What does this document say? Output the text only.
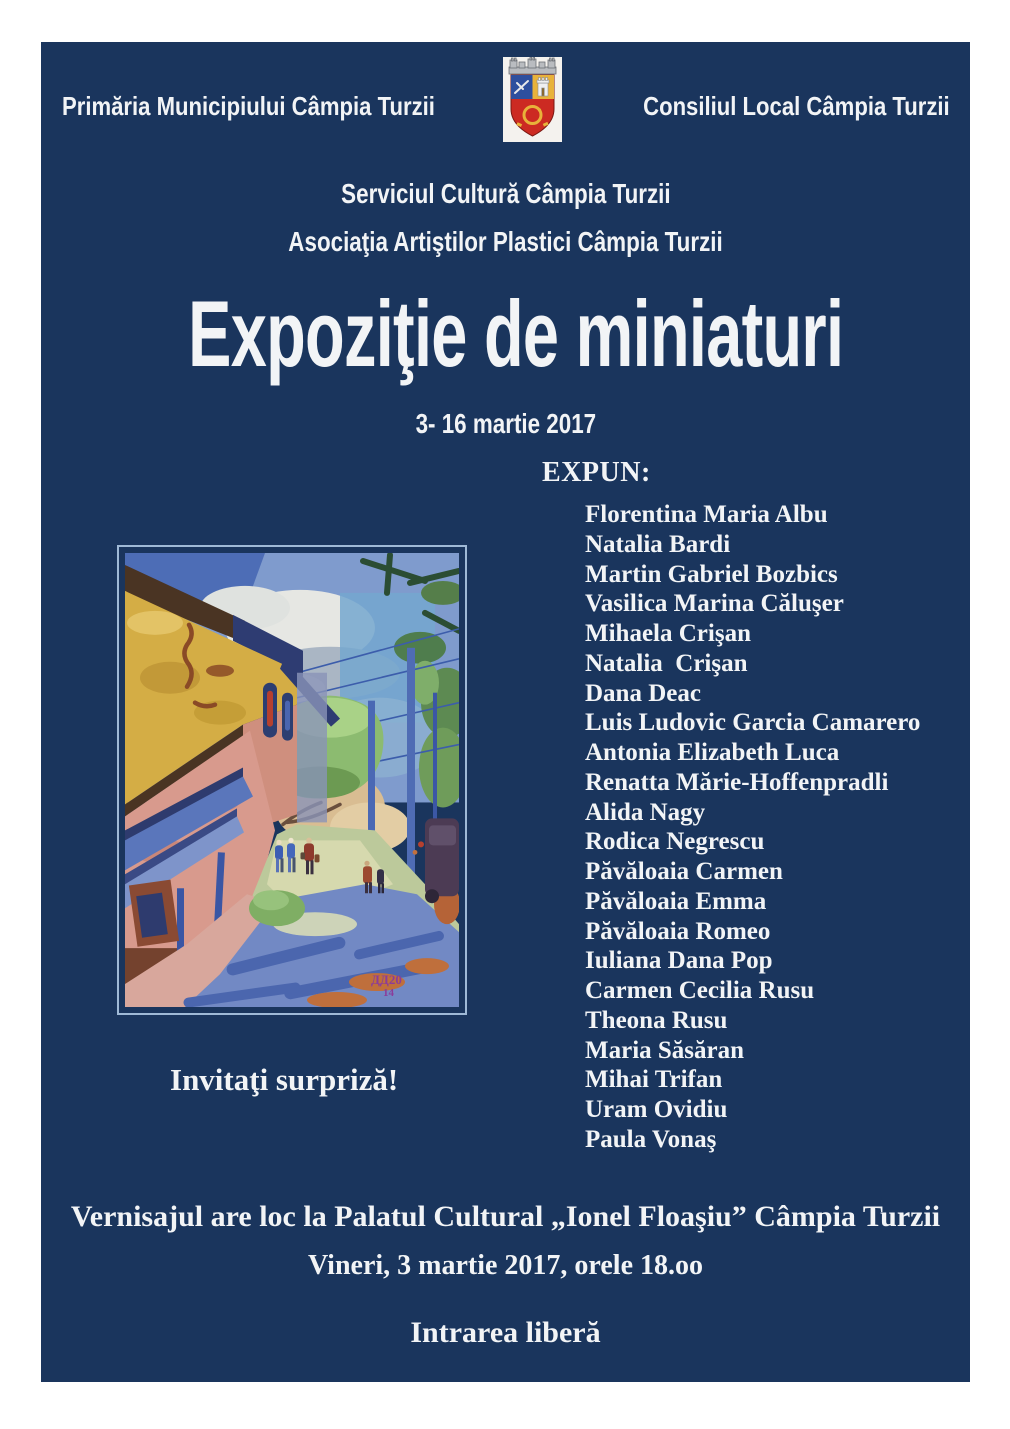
Primăria Municipiului Câmpia Turzii	Consiliul Local Câmpia Turzii
Serviciul Cultură Câmpia Turzii
Asociaţia Artiştilor Plastici Câmpia Turzii
Expoziţie de miniaturi
3- 16 martie 2017
EXPUN:
Florentina Maria Albu
Natalia Bardi
Martin Gabriel Bozbics
Vasilica Marina Căluşer
Mihaela Crişan
Natalia  Crişan
Dana Deac
Luis Ludovic Garcia Camarero
Antonia Elizabeth Luca
Renatta Mărie-Hoffenpradli
Alida Nagy
Rodica Negrescu
Păvăloaia Carmen
Păvăloaia Emma
Păvăloaia Romeo
Iuliana Dana Pop
Carmen Cecilia Rusu
Theona Rusu
Maria Săsăran
Mihai Trifan
Uram Ovidiu
Paula Vonaş
ДД20
14
Invitaţi surpriză!
Vernisajul are loc la Palatul Cultural „Ionel Floaşiu” Câmpia Turzii
Vineri, 3 martie 2017, orele 18.oo
Intrarea liberă
